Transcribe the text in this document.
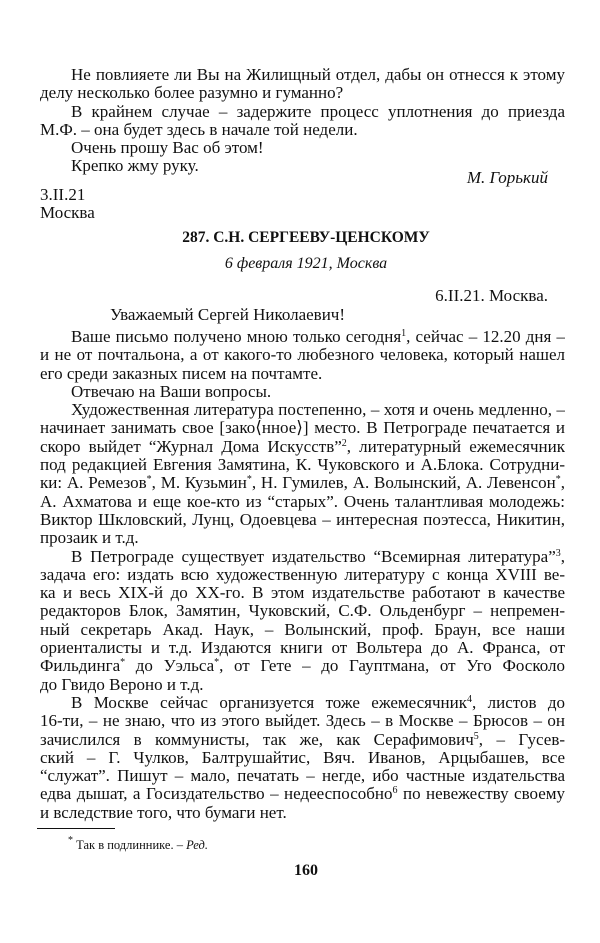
Не повлияете ли Вы на Жилищный отдел, дабы он отнесся к этому
делу несколько более разумно и гуманно?
В крайнем случае – задержите процесс уплотнения до приезда
М.Ф. – она будет здесь в начале той недели.
Очень прошу Вас об этом!
Крепко жму руку.
М. Горький
3.II.21
Москва
287. С.Н. СЕРГЕЕВУ-ЦЕНСКОМУ
6 февраля 1921, Москва
6.II.21. Москва.
Уважаемый Сергей Николаевич!
Ваше письмо получено мною только сегодня$^1$, сейчас – 12.20 дня –
и не от почтальона, а от какого-то любезного человека, который нашел
его среди заказных писем на почтамте.
Отвечаю на Ваши вопросы.
Художественная литература постепенно, – хотя и очень медленно, –
начинает занимать свое [зако⟨нное⟩] место. В Петрограде печатается и
скоро выйдет “Журнал Дома Искусств”$^2$, литературный ежемесячник
под редакцией Евгения Замятина, К. Чуковского и А.Блока. Сотрудни-
ки: А. Ремезов*, М. Кузьмин*, Н. Гумилев, А. Волынский, А. Левенсон*,
А. Ахматова и еще кое-кто из “старых”. Очень талантливая молодежь:
Виктор Шкловский, Лунц, Одоевцева – интересная поэтесса, Никитин,
прозаик и т.д.
В Петрограде существует издательство “Всемирная литература”$^3$,
задача его: издать всю художественную литературу с конца XVIII ве-
ка и весь XIX-й до XX-го. В этом издательстве работают в качестве
редакторов Блок, Замятин, Чуковский, С.Ф. Ольденбург – непремен-
ный секретарь Акад. Наук, – Волынский, проф. Браун, все наши
ориенталисты и т.д. Издаются книги от Вольтера до А. Франса, от
Фильдинга* до Уэльса*, от Гете – до Гауптмана, от Уго Фосколо
до Гвидо Вероно и т.д.
В Москве сейчас организуется тоже ежемесячник$^4$, листов до
16-ти, – не знаю, что из этого выйдет. Здесь – в Москве – Брюсов – он
зачислился в коммунисты, так же, как Серафимович$^5$, – Гусев-
ский – Г. Чулков, Балтрушайтис, Вяч. Иванов, Арцыбашев, все
“служат”. Пишут – мало, печатать – негде, ибо частные издательства
едва дышат, а Госиздательство – недееспособно$^6$ по невежеству своему
и вследствие того, что бумаги нет.
* Так в подлиннике. – Ред.
160
